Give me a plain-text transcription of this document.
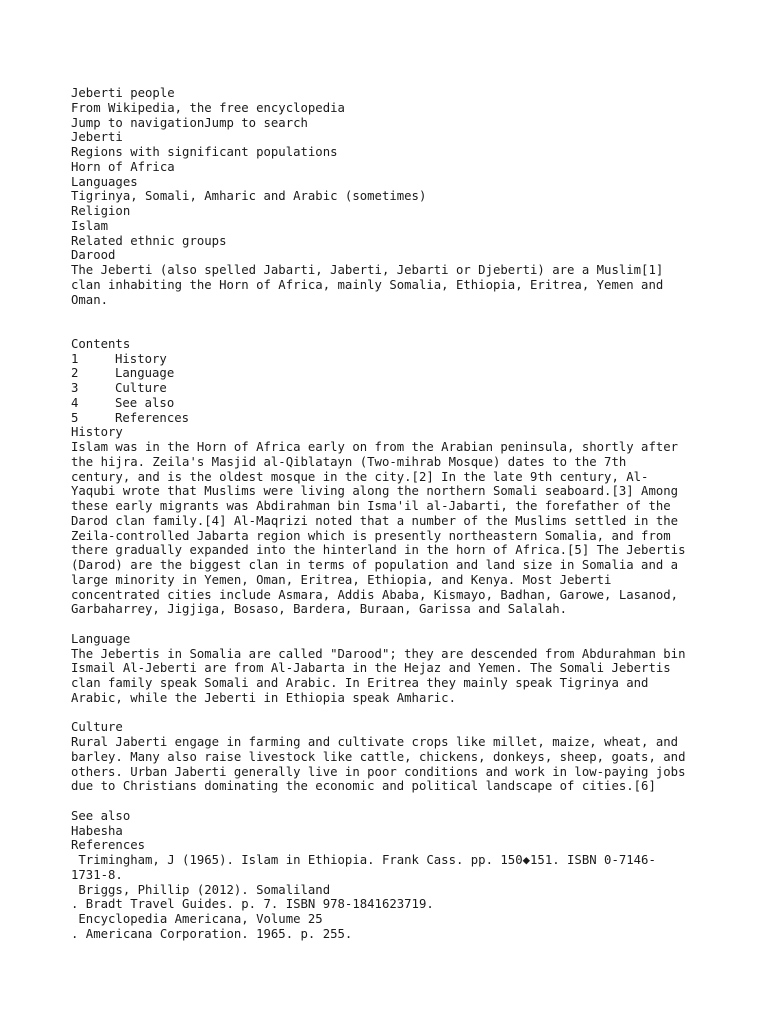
Jeberti people
From Wikipedia, the free encyclopedia
Jump to navigationJump to search
Jeberti
Regions with significant populations
Horn of Africa
Languages
Tigrinya, Somali, Amharic and Arabic (sometimes)
Religion
Islam
Related ethnic groups
Darood
The Jeberti (also spelled Jabarti, Jaberti, Jebarti or Djeberti) are a Muslim[1]
clan inhabiting the Horn of Africa, mainly Somalia, Ethiopia, Eritrea, Yemen and
Oman.
Contents
1	History
2	Language
3	Culture
4	See also
5	References
History
Islam was in the Horn of Africa early on from the Arabian peninsula, shortly after
the hijra. Zeila's Masjid al-Qiblatayn (Two-mihrab Mosque) dates to the 7th
century, and is the oldest mosque in the city.[2] In the late 9th century, Al-
Yaqubi wrote that Muslims were living along the northern Somali seaboard.[3] Among
these early migrants was Abdirahman bin Isma'il al-Jabarti, the forefather of the
Darod clan family.[4] Al-Maqrizi noted that a number of the Muslims settled in the
Zeila-controlled Jabarta region which is presently northeastern Somalia, and from
there gradually expanded into the hinterland in the horn of Africa.[5] The Jebertis
(Darod) are the biggest clan in terms of population and land size in Somalia and a
large minority in Yemen, Oman, Eritrea, Ethiopia, and Kenya. Most Jeberti
concentrated cities include Asmara, Addis Ababa, Kismayo, Badhan, Garowe, Lasanod,
Garbaharrey, Jigjiga, Bosaso, Bardera, Buraan, Garissa and Salalah.
Language
The Jebertis in Somalia are called "Darood"; they are descended from Abdurahman bin
Ismail Al-Jeberti are from Al-Jabarta in the Hejaz and Yemen. The Somali Jebertis
clan family speak Somali and Arabic. In Eritrea they mainly speak Tigrinya and
Arabic, while the Jeberti in Ethiopia speak Amharic.
Culture
Rural Jaberti engage in farming and cultivate crops like millet, maize, wheat, and
barley. Many also raise livestock like cattle, chickens, donkeys, sheep, goats, and
others. Urban Jaberti generally live in poor conditions and work in low-paying jobs
due to Christians dominating the economic and political landscape of cities.[6]
See also
Habesha
References
Trimingham, J (1965). Islam in Ethiopia. Frank Cass. pp. 150◆151. ISBN 0-7146-
1731-8.
Briggs, Phillip (2012). Somaliland
. Bradt Travel Guides. p. 7. ISBN 978-1841623719.
Encyclopedia Americana, Volume 25
. Americana Corporation. 1965. p. 255.
